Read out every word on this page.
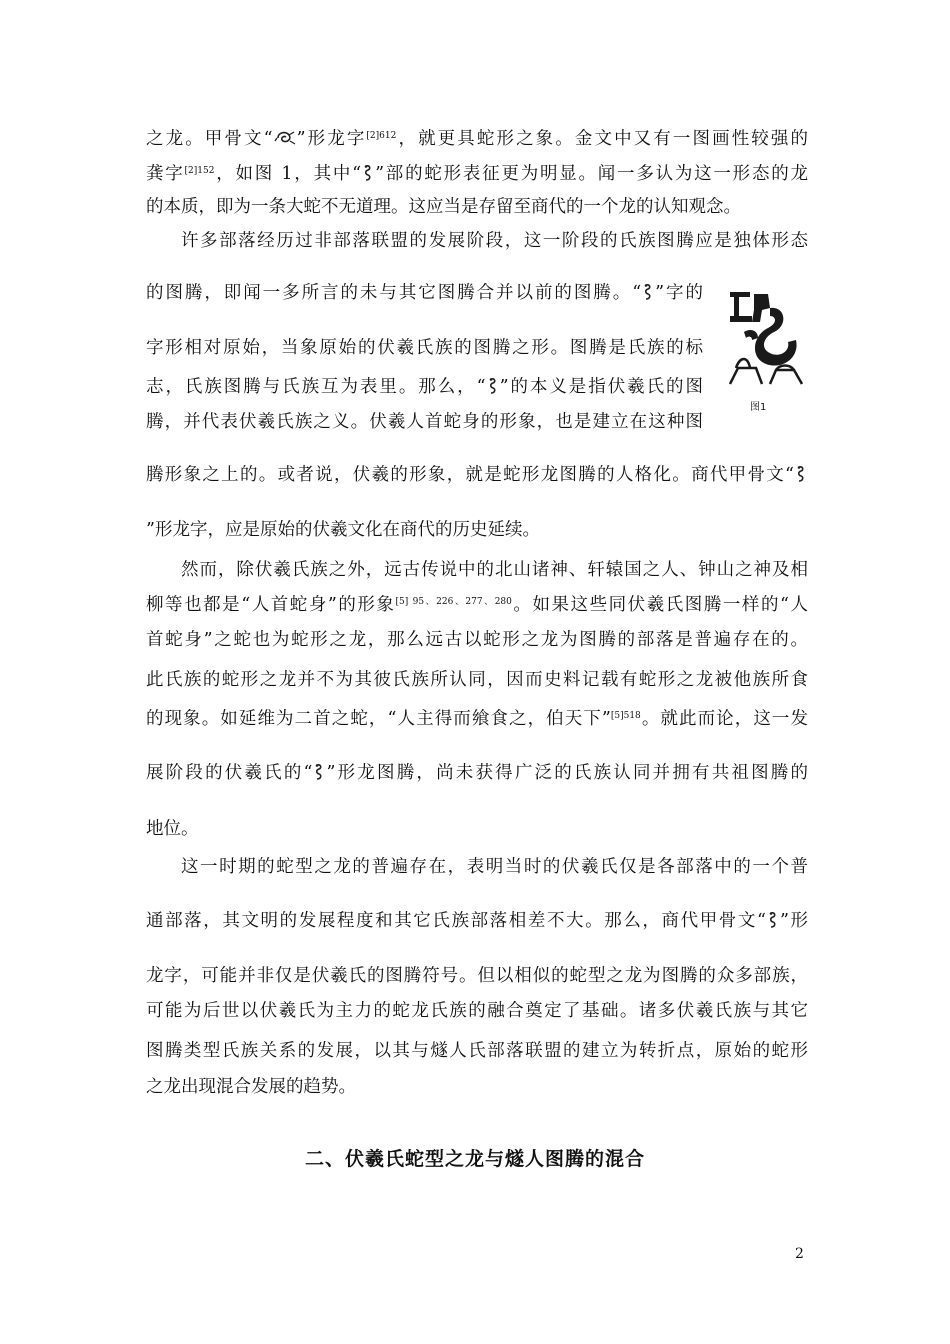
之龙。甲骨文“ ”形龙字$^{[2]612}$，就更具蛇形之象。金文中又有一图画性较强的
龚字$^{[2]152}$，如图 1，其中“ ”部的蛇形表征更为明显。闻一多认为这一形态的龙
的本质，即为一条大蛇不无道理。这应当是存留至商代的一个龙的认知观念。
许多部落经历过非部落联盟的发展阶段，这一阶段的氏族图腾应是独体形态
的图腾，即闻一多所言的未与其它图腾合并以前的图腾。“ ”字的
字形相对原始，当象原始的伏羲氏族的图腾之形。图腾是氏族的标
志，氏族图腾与氏族互为表里。那么，“ ”的本义是指伏羲氏的图
腾，并代表伏羲氏族之义。伏羲人首蛇身的形象，也是建立在这种图
腾形象之上的。或者说，伏羲的形象，就是蛇形龙图腾的人格化。商代甲骨文“
”形龙字，应是原始的伏羲文化在商代的历史延续。
图1
然而，除伏羲氏族之外，远古传说中的北山诸神、轩辕国之人、钟山之神及相
柳等也都是“人首蛇身”的形象$^{[5] 95、226、277、280}$。如果这些同伏羲氏图腾一样的“人
首蛇身”之蛇也为蛇形之龙，那么远古以蛇形之龙为图腾的部落是普遍存在的。
此氏族的蛇形之龙并不为其彼氏族所认同，因而史料记载有蛇形之龙被他族所食
的现象。如延维为二首之蛇，“人主得而飨食之，伯天下”$^{[5]518}$。就此而论，这一发
展阶段的伏羲氏的“ ”形龙图腾，尚未获得广泛的氏族认同并拥有共祖图腾的
地位。
这一时期的蛇型之龙的普遍存在，表明当时的伏羲氏仅是各部落中的一个普
通部落，其文明的发展程度和其它氏族部落相差不大。那么，商代甲骨文“ ”形
龙字，可能并非仅是伏羲氏的图腾符号。但以相似的蛇型之龙为图腾的众多部族，
可能为后世以伏羲氏为主力的蛇龙氏族的融合奠定了基础。诸多伏羲氏族与其它
图腾类型氏族关系的发展，以其与燧人氏部落联盟的建立为转折点，原始的蛇形
之龙出现混合发展的趋势。
二、伏羲氏蛇型之龙与燧人图腾的混合
2
